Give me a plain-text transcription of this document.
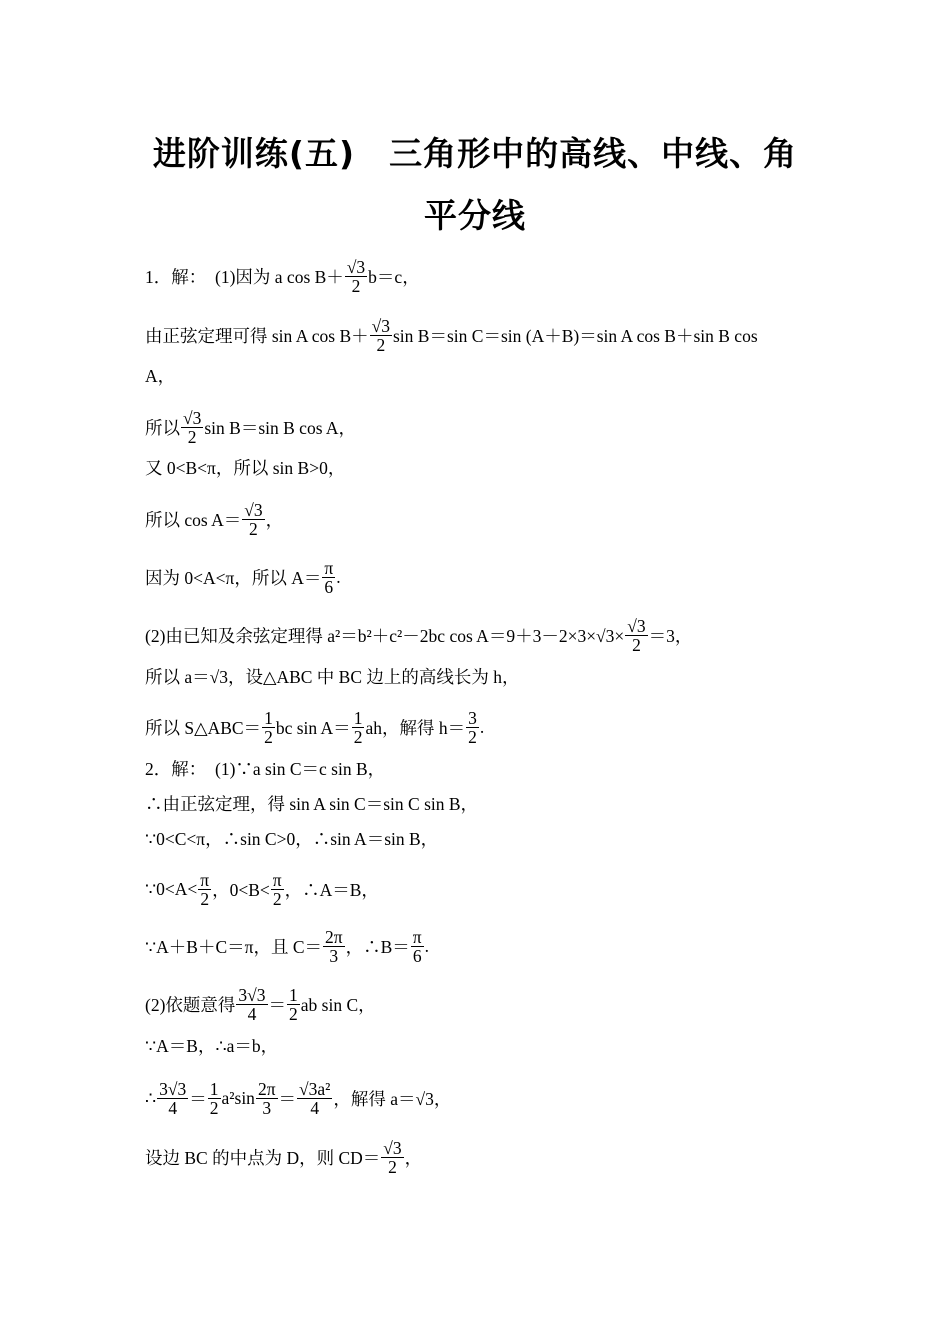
进阶训练(五)　三角形中的高线、中线、角
平分线
1．解：　(1)因为 a $\cos B+ \frac{√3}{2} b=c$，
由正弦定理可得 sin A $\cos B+ \frac{√3}{2}$ sin B＝sin C＝sin (A＋B)＝sin A cos B＋sin B cos
A，
所以 $\frac{√3}{2}$ sin B＝sin B cos A，
又 0<B<π，所以 sin B>0，
所以 $\cos A= \frac{√3}{2}$ ，
因为 0<A<π，所以 $A= \frac{\pi}{6}$ .
(2)由已知及余弦定理得 a²＝b²＋c²－2bc $\cos A=9+3-2\times 3\times√3\times \frac{√3}{2} =3$，
所以 a＝√3，设△ABC 中 BC 边上的高线长为 h，
所以 S△ABC＝ $\frac{1}{2}$ bc $\sin A= \frac{1}{2}$ ah，解得 $h= \frac{3}{2}$ .
2．解：　(1)∵a sin C＝c sin B，
∴由正弦定理，得 sin A sin C＝sin C sin B，
∵0<C<π，∴sin C>0，∴sin A＝sin B，
∵0<A< $\frac{\pi}{2}$ ，$0<B< \frac{\pi}{2}$ ，∴A＝B，
∵A＋B＋C＝π，且 $C= \frac{2\pi}{3}$ ，∴B＝ $\frac{\pi}{6}$ .
(2)依题意得 $\frac{3√3}{4} = \frac{1}{2}$ ab sin C，
∵A＝B，∴a＝b，
∴ $\frac{3√3}{4} = \frac{1}{2} a^2\sin \frac{2\pi}{3} = \frac{\text{√3a²}}{4}$ ，解得 a＝√3，
设边 BC 的中点为 D，则 $CD= \frac{√3}{2}$ ，
